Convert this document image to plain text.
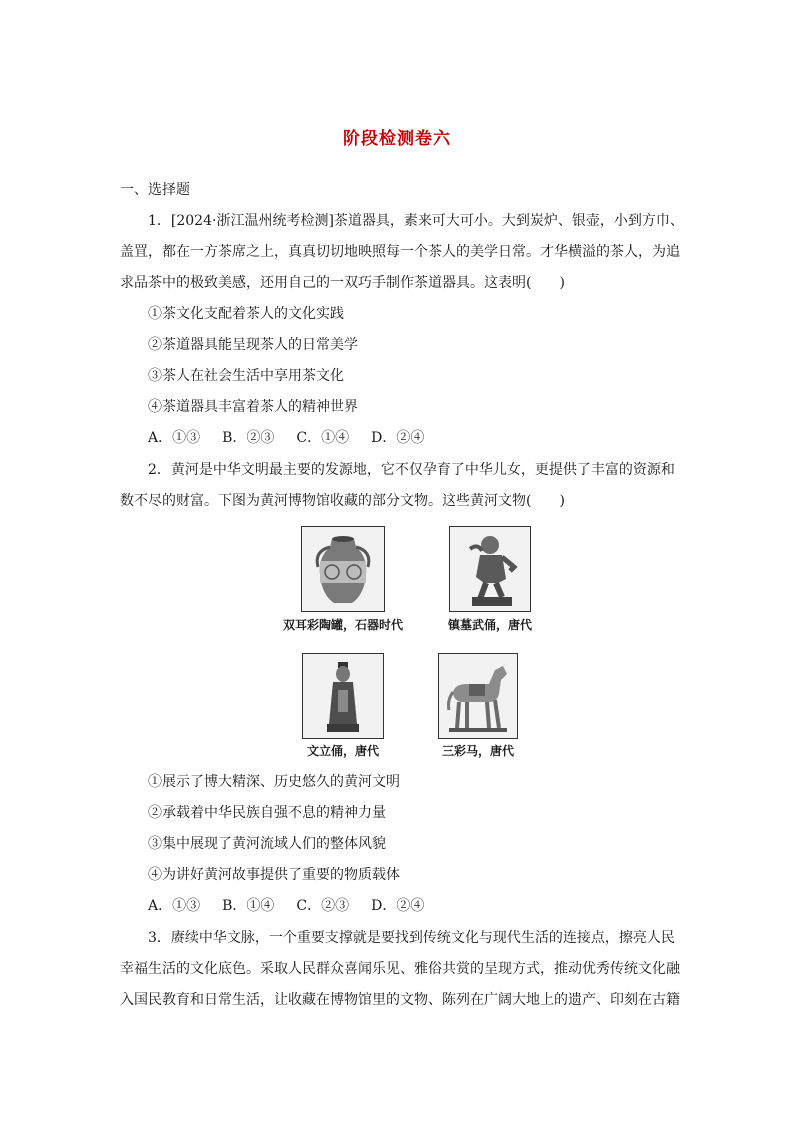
阶段检测卷六
一、选择题
1．[2024·浙江温州统考检测]茶道器具，素来可大可小。大到炭炉、银壶，小到方巾、
盖罝，都在一方茶席之上，真真切切地映照每一个茶人的美学日常。才华横溢的茶人，为追
求品茶中的极致美感，还用自己的一双巧手制作茶道器具。这表明(　　)
①茶文化支配着茶人的文化实践
②茶道器具能呈现茶人的日常美学
③茶人在社会生活中享用茶文化
④茶道器具丰富着茶人的精神世界
A．①③ B．②③ C．①④ D．②④
2．黄河是中华文明最主要的发源地，它不仅孕育了中华儿女，更提供了丰富的资源和
数不尽的财富。下图为黄河博物馆收藏的部分文物。这些黄河文物(　　)
双耳彩陶罐，石器时代	镇墓武俑，唐代
文立俑，唐代	三彩马，唐代
①展示了博大精深、历史悠久的黄河文明
②承载着中华民族自强不息的精神力量
③集中展现了黄河流域人们的整体风貌
④为讲好黄河故事提供了重要的物质载体
A．①③ B．①④ C．②③ D．②④
3．赓续中华文脉，一个重要支撑就是要找到传统文化与现代生活的连接点，擦亮人民
幸福生活的文化底色。采取人民群众喜闻乐见、雅俗共赏的呈现方式，推动优秀传统文化融
入国民教育和日常生活，让收藏在博物馆里的文物、陈列在广阔大地上的遗产、印刻在古籍
